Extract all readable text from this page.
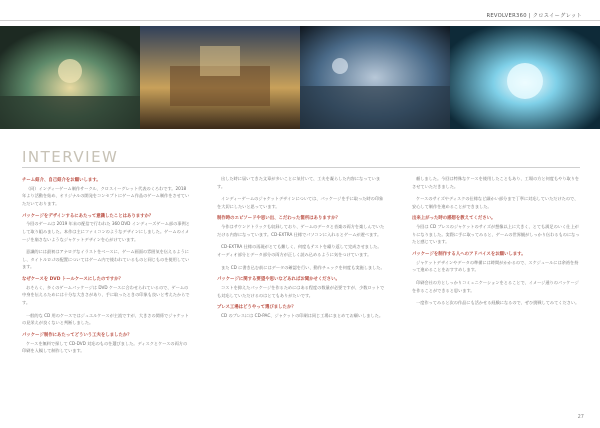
REVOLVER360 | クロスイーグレット
INTERVIEW

チーム紹介、自己紹介をお願いします。

（同）インディーゲーム制作サークル、クロスイーグレット代表のくろわです。2018年より活動を始め、オリジナルの開発をコンセプトにゲーム作品のゲーム制作をさせていただいております。

パッケージをデザインするにあたって意識したことはありますか？

今回のゲームは 2019 年末の配信で行われた 360 DVD インディーズゲーム部の事例として取り組みました。本作は主にファミコンのようなデザインにしました。ゲームのイメージを崩さないようなジャケットデザインを心がけています。

意識的には最初はアナログなイラストをベースに、ゲーム画面の雰囲気を伝えるようにし、タイトルロゴの配置についてはゲーム内で使われているものと同じものを使用しています。

なぜケースを DVD トールケースにしたのですか？

おそらく、多くのゲームパッケージは DVD ケースに合わせられているので、ゲームの中身を伝えるためには十分な大きさがあり、手に取ったときの印象も良いと考えたからです。

一般的な CD 用のケースではジュエルケースが主流ですが、大きさの関係でジャケットの見栄えが良くないと判断しました。

パッケージ制作にあたってどういう工夫をしましたか？

ケースを無料で探して CD-DVD 対応のものを選びました。ディスクとケースの両方の印刷を入稿して制作しています。

出した時に届いてきた文章が多いことに気付いて、工夫を凝らした内容になっています。

インディーゲームのジャケットデザインについては、パッケージを手に取った時の印象を大切にしたいと思っています。

制作時のエピソードや思い出、こだわった箇所はありますか？

今作はサウンドトラックも収録しており、ゲームのデータと音楽の両方を楽しんでいただける内容になっています。CD-EXTRA 仕様でパソコンに入れるとゲームが遊べます。

CD-EXTRA 仕様の再現がとても難しく、何度もテストを繰り返して完成させました。オーディオ部分とデータ部分の両方が正しく読み込めるように気をつけています。

また CD に書き込む前にはデータの確認を行い、動作チェックを何度も実施しました。

パッケージに関する要望や思いなどあればお聞かせください。

コストを抑えたパッケージを作るためにはある程度の数量が必要ですが、少数ロットでも対応していただけるのはとてもありがたいです。

プレス工場はどうやって選びましたか？

CD のプレスには CD-PAC、ジャケットの印刷は同じ工場にまとめてお願いしました。

頼しました。今回は特殊なケースを使用したこともあり、工場の方と何度もやり取りをさせていただきました。

ケースのサイズやディスクの仕様など細かい部分まで丁寧に対応していただけたので、安心して制作を進めることができました。

出来上がった時の感想を教えてください。

今回は CD プレスのジャケットのサイズが想像以上に大きく、とても満足のいく仕上がりになりました。実際に手に取ってみると、ゲームの世界観がしっかり伝わるものになったと感じています。

パッケージを制作する人へのアドバイスをお願いします。

ジャケットデザインやデータの準備には時間がかかるので、スケジュールには余裕を持って進めることをおすすめします。

印刷会社の方としっかりコミュニケーションをとることで、イメージ通りのパッケージを作ることができると思います。

一度作ってみると次の作品にも活かせる経験になるので、ぜひ挑戦してみてください。

27
